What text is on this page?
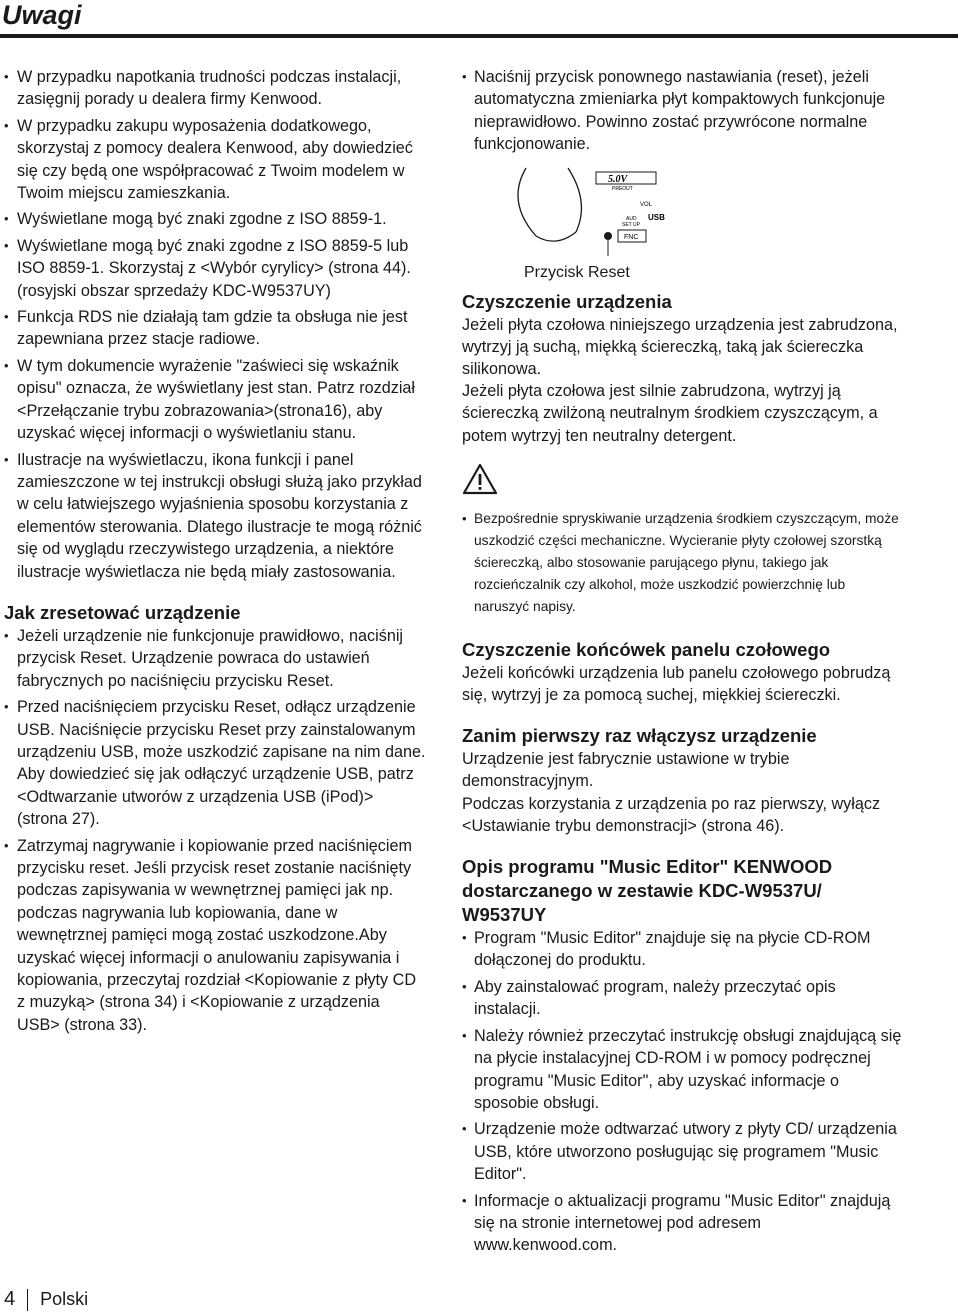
Uwagi
• W przypadku napotkania trudności podczas instalacji, zasięgnij porady u dealera firmy Kenwood.
• W przypadku zakupu wyposażenia dodatkowego, skorzystaj z pomocy dealera Kenwood, aby dowiedzieć się czy będą one współpracować z Twoim modelem w Twoim miejscu zamieszkania.
• Wyświetlane mogą być znaki zgodne z ISO 8859-1.
• Wyświetlane mogą być znaki zgodne z ISO 8859-5 lub ISO 8859-1. Skorzystaj z <Wybór cyrylicy> (strona 44). (rosyjski obszar sprzedaży KDC-W9537UY)
• Funkcja RDS nie działają tam gdzie ta obsługa nie jest zapewniana przez stacje radiowe.
• W tym dokumencie wyrażenie "zaświeci się wskaźnik opisu" oznacza, że wyświetlany jest stan. Patrz rozdział <Przełączanie trybu zobrazowania>(strona16), aby uzyskać więcej informacji o wyświetlaniu stanu.
• Ilustracje na wyświetlaczu, ikona funkcji i panel zamieszczone w tej instrukcji obsługi służą jako przykład w celu łatwiejszego wyjaśnienia sposobu korzystania z elementów sterowania. Dlatego ilustracje te mogą różnić się od wyglądu rzeczywistego urządzenia, a niektóre ilustracje wyświetlacza nie będą miały zastosowania.
Jak zresetować urządzenie
• Jeżeli urządzenie nie funkcjonuje prawidłowo, naciśnij przycisk Reset. Urządzenie powraca do ustawień fabrycznych po naciśnięciu przycisku Reset.
• Przed naciśnięciem przycisku Reset, odłącz urządzenie USB. Naciśnięcie przycisku Reset przy zainstalowanym urządzeniu USB, może uszkodzić zapisane na nim dane. Aby dowiedzieć się jak odłączyć urządzenie USB, patrz <Odtwarzanie utworów z urządzenia USB (iPod)> (strona 27).
• Zatrzymaj nagrywanie i kopiowanie przed naciśnięciem przycisku reset. Jeśli przycisk reset zostanie naciśnięty podczas zapisywania w wewnętrznej pamięci jak np. podczas nagrywania lub kopiowania, dane w wewnętrznej pamięci mogą zostać uszkodzone.Aby uzyskać więcej informacji o anulowaniu zapisywania i kopiowania, przeczytaj rozdział <Kopiowanie z płyty CD z muzyką> (strona 34) i <Kopiowanie z urządzenia USB> (strona 33).
• Naciśnij przycisk ponownego nastawiania (reset), jeżeli automatyczna zmieniarka płyt kompaktowych funkcjonuje nieprawidłowo. Powinno zostać przywrócone normalne funkcjonowanie.
5.0V
PREOUT
VOL
AUD
SET UP
USB
FNC

Przycisk Reset

Czyszczenie urządzenia

Jeżeli płyta czołowa niniejszego urządzenia jest zabrudzona, wytrzyj ją suchą, miękką ściereczką, taką jak ściereczka silikonowa.

Jeżeli płyta czołowa jest silnie zabrudzona, wytrzyj ją ściereczką zwilżoną neutralnym środkiem czyszczącym, a potem wytrzyj ten neutralny detergent.

• Bezpośrednie spryskiwanie urządzenia środkiem czyszczącym, może uszkodzić części mechaniczne. Wycieranie płyty czołowej szorstką ściereczką, albo stosowanie parującego płynu, takiego jak rozcieńczalnik czy alkohol, może uszkodzić powierzchnię lub naruszyć napisy.
Czyszczenie końcówek panelu czołowego

Jeżeli końcówki urządzenia lub panelu czołowego pobrudzą się, wytrzyj je za pomocą suchej, miękkiej ściereczki.

Zanim pierwszy raz włączysz urządzenie

Urządzenie jest fabrycznie ustawione w trybie demonstracyjnym.

Podczas korzystania z urządzenia po raz pierwszy, wyłącz <Ustawianie trybu demonstracji> (strona 46).

Opis programu "Music Editor" KENWOOD dostarczanego w zestawie KDC-W9537U/ W9537UY
• Program "Music Editor" znajduje się na płycie CD-ROM dołączonej do produktu.
• Aby zainstalować program, należy przeczytać opis instalacji.
• Należy również przeczytać instrukcję obsługi znajdującą się na płycie instalacyjnej CD-ROM i w pomocy podręcznej programu "Music Editor", aby uzyskać informacje o sposobie obsługi.
• Urządzenie może odtwarzać utwory z płyty CD/ urządzenia USB, które utworzono posługując się programem "Music Editor".
• Informacje o aktualizacji programu "Music Editor" znajdują się na stronie internetowej pod adresem www.kenwood.com.
4 Polski
